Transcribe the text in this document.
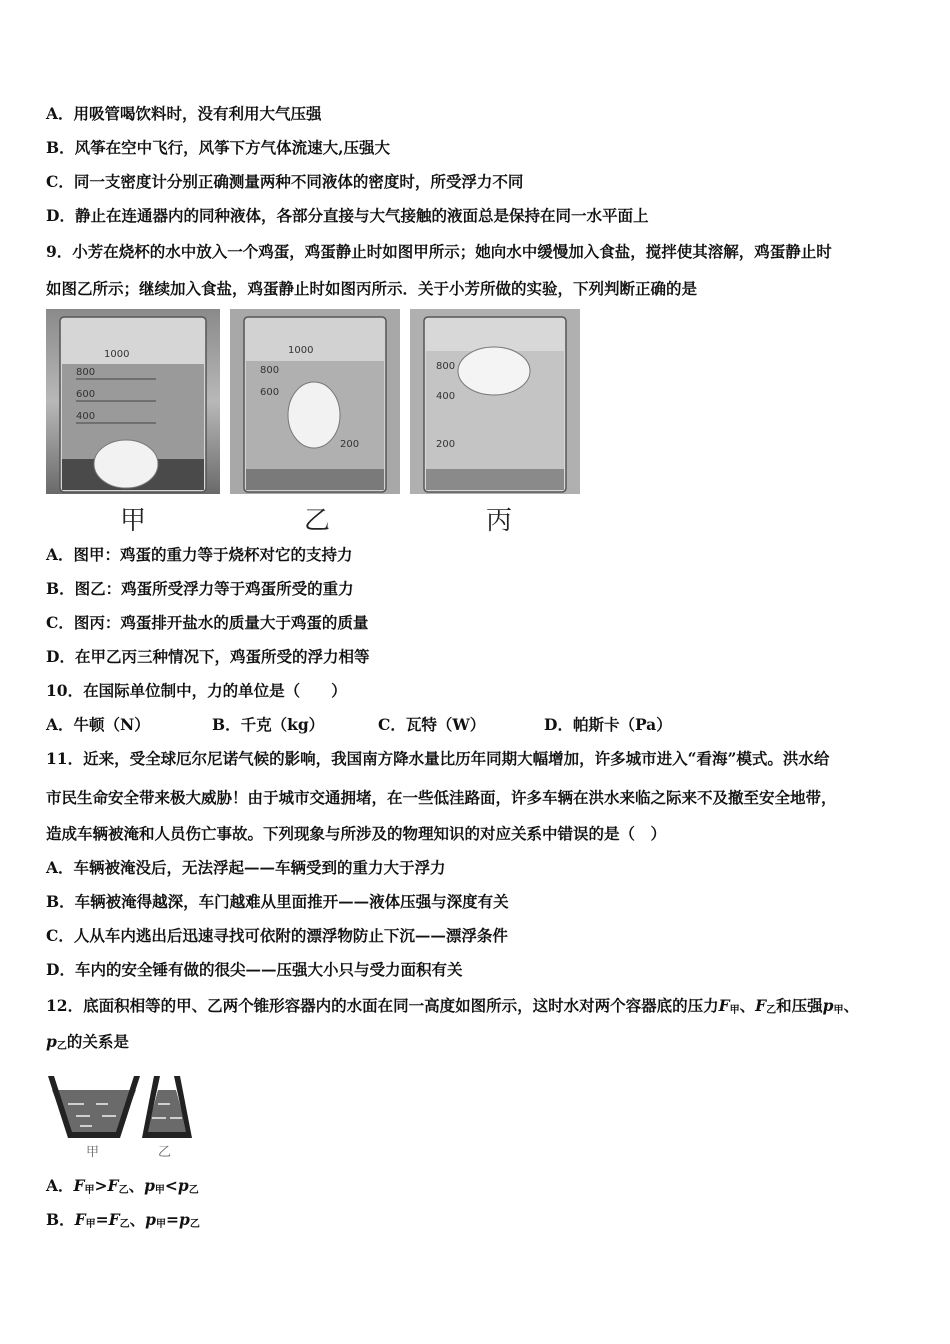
A．用吸管喝饮料时，没有利用大气压强
B．风筝在空中飞行，风筝下方气体流速大,压强大
C．同一支密度计分别正确测量两种不同液体的密度时，所受浮力不同
D．静止在连通器内的同种液体，各部分直接与大气接触的液面总是保持在同一水平面上
9．小芳在烧杯的水中放入一个鸡蛋，鸡蛋静止时如图甲所示；她向水中缓慢加入食盐，搅拌使其溶解，鸡蛋静止时
如图乙所示；继续加入食盐，鸡蛋静止时如图丙所示．关于小芳所做的实验，下列判断正确的是
1000
800
600
400
1000
800
600
200
800
400
200
甲	乙	丙
A．图甲：鸡蛋的重力等于烧杯对它的支持力
B．图乙：鸡蛋所受浮力等于鸡蛋所受的重力
C．图丙：鸡蛋排开盐水的质量大于鸡蛋的质量
D．在甲乙丙三种情况下，鸡蛋所受的浮力相等
10．在国际单位制中，力的单位是（　　）
A．牛顿（N）	B．千克（kg）	C．瓦特（W）	D．帕斯卡（Pa）
11．近来，受全球厄尔尼诺气候的影响，我国南方降水量比历年同期大幅增加，许多城市进入“看海”模式。洪水给
市民生命安全带来极大威胁！由于城市交通拥堵，在一些低洼路面，许多车辆在洪水来临之际来不及撤至安全地带，
造成车辆被淹和人员伤亡事故。下列现象与所涉及的物理知识的对应关系中错误的是（　）
A．车辆被淹没后，无法浮起——车辆受到的重力大于浮力
B．车辆被淹得越深，车门越难从里面推开——液体压强与深度有关
C．人从车内逃出后迅速寻找可依附的漂浮物防止下沉——漂浮条件
D．车内的安全锤有做的很尖——压强大小只与受力面积有关
12．底面积相等的甲、乙两个锥形容器内的水面在同一高度如图所示，这时水对两个容器底的压力$F_甲$、$F_乙$和压强$p_甲$、
$p_乙$的关系是
甲	乙
A．$F_甲>F_乙$、$p_甲<p_乙$
B．$F_甲=F_乙$、$p_甲=p_乙$
